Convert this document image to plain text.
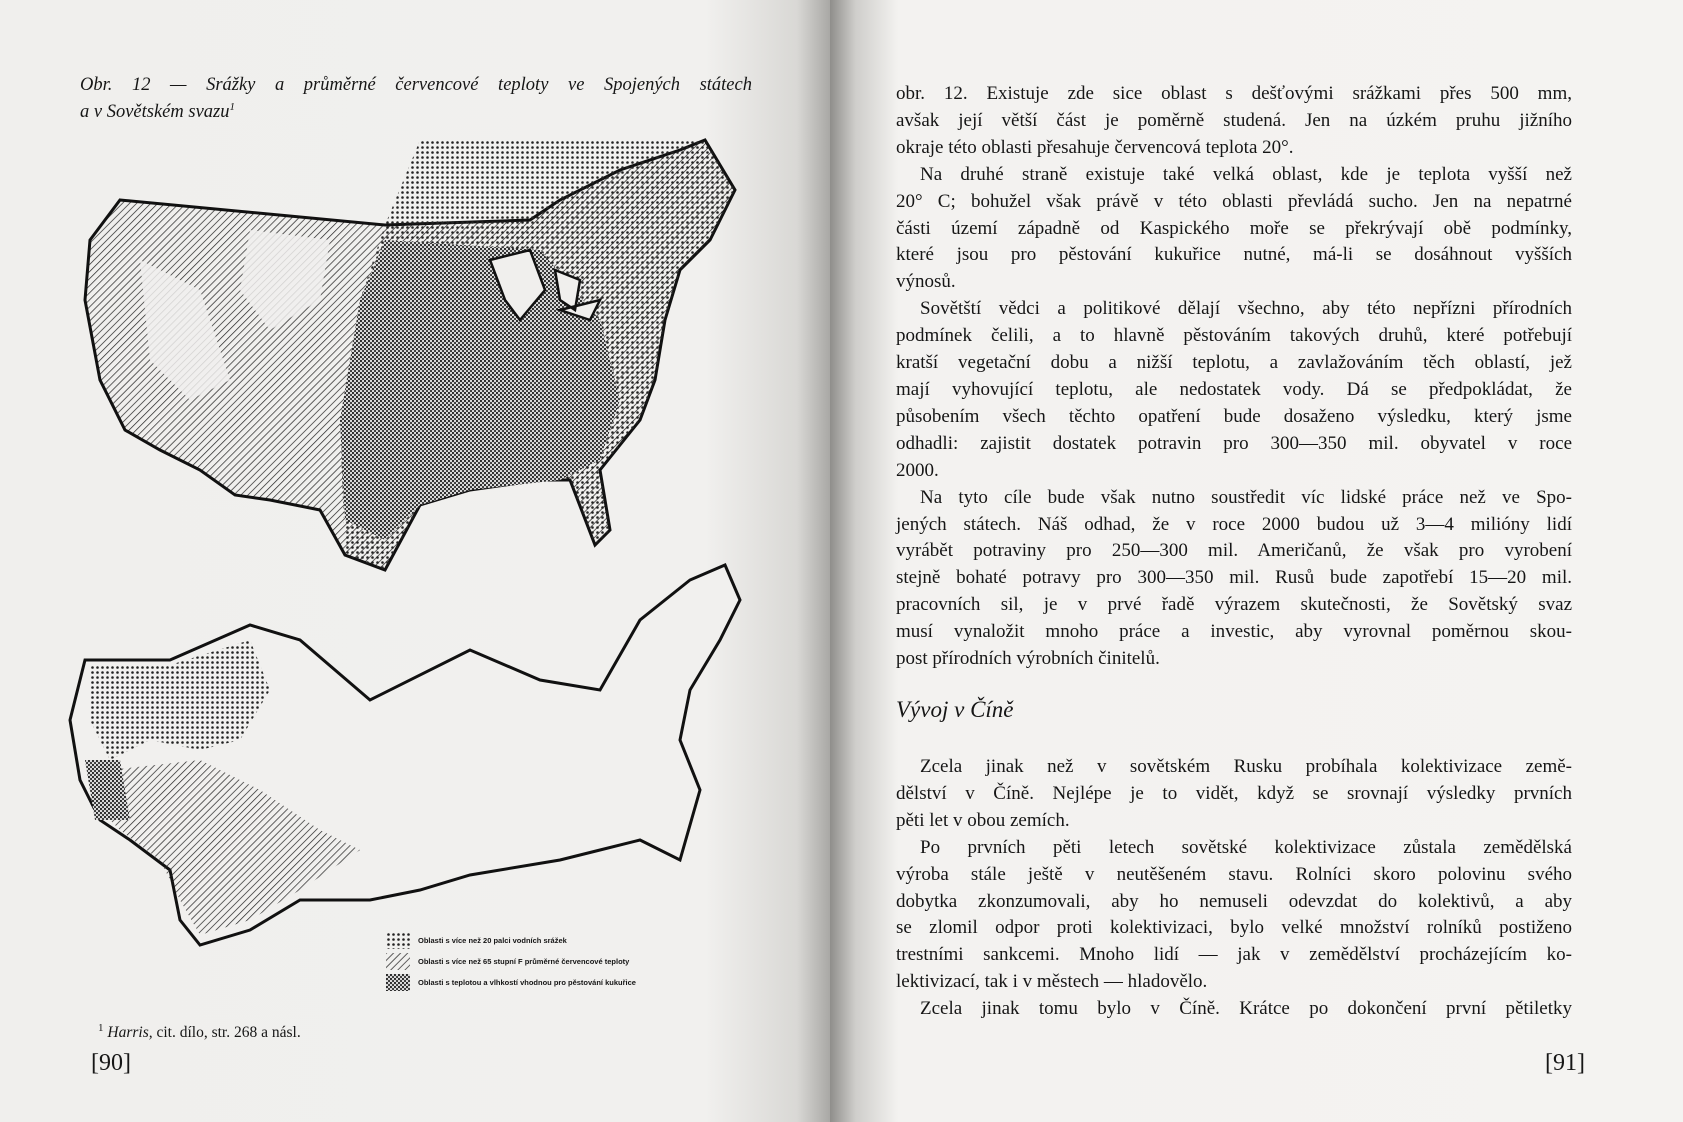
Obr. 12 — Srážky a průměrné červencové teploty ve Spojených státech
a v Sovětském svazu$^1$
Oblasti s více než 20 palci vodních srážek
Oblasti s více než 65 stupní F průměrné červencové teploty
Oblasti s teplotou a vlhkostí vhodnou pro pěstování kukuřice
$^1$ Harris, cit. dílo, str. 268 a násl.
[90]
obr. 12. Existuje zde sice oblast s dešťovými srážkami přes 500 mm,
avšak její větší část je poměrně studená. Jen na úzkém pruhu jižního
okraje této oblasti přesahuje červencová teplota 20°.
Na druhé straně existuje také velká oblast, kde je teplota vyšší než
20° C; bohužel však právě v této oblasti převládá sucho. Jen na nepatrné
části území západně od Kaspického moře se překrývají obě podmínky,
které jsou pro pěstování kukuřice nutné, má-li se dosáhnout vyšších
výnosů.
Sovětští vědci a politikové dělají všechno, aby této nepřízni přírodních
podmínek čelili, a to hlavně pěstováním takových druhů, které potřebují
kratší vegetační dobu a nižší teplotu, a zavlažováním těch oblastí, jež
mají vyhovující teplotu, ale nedostatek vody. Dá se předpokládat, že
působením všech těchto opatření bude dosaženo výsledku, který jsme
odhadli: zajistit dostatek potravin pro 300—350 mil. obyvatel v roce
2000.
Na tyto cíle bude však nutno soustředit víc lidské práce než ve Spo-
jených státech. Náš odhad, že v roce 2000 budou už 3—4 milióny lidí
vyrábět potraviny pro 250—300 mil. Američanů, že však pro vyrobení
stejně bohaté potravy pro 300—350 mil. Rusů bude zapotřebí 15—20 mil.
pracovních sil, je v prvé řadě výrazem skutečnosti, že Sovětský svaz
musí vynaložit mnoho práce a investic, aby vyrovnal poměrnou skou-
post přírodních výrobních činitelů.
Vývoj v Číně
Zcela jinak než v sovětském Rusku probíhala kolektivizace země-
dělství v Číně. Nejlépe je to vidět, když se srovnají výsledky prvních
pěti let v obou zemích.
Po prvních pěti letech sovětské kolektivizace zůstala zemědělská
výroba stále ještě v neutěšeném stavu. Rolníci skoro polovinu svého
dobytka zkonzumovali, aby ho nemuseli odevzdat do kolektivů, a aby
se zlomil odpor proti kolektivizaci, bylo velké množství rolníků postiženo
trestními sankcemi. Mnoho lidí — jak v zemědělství procházejícím ko-
lektivizací, tak i v městech — hladovělo.
Zcela jinak tomu bylo v Číně. Krátce po dokončení první pětiletky
[91]
